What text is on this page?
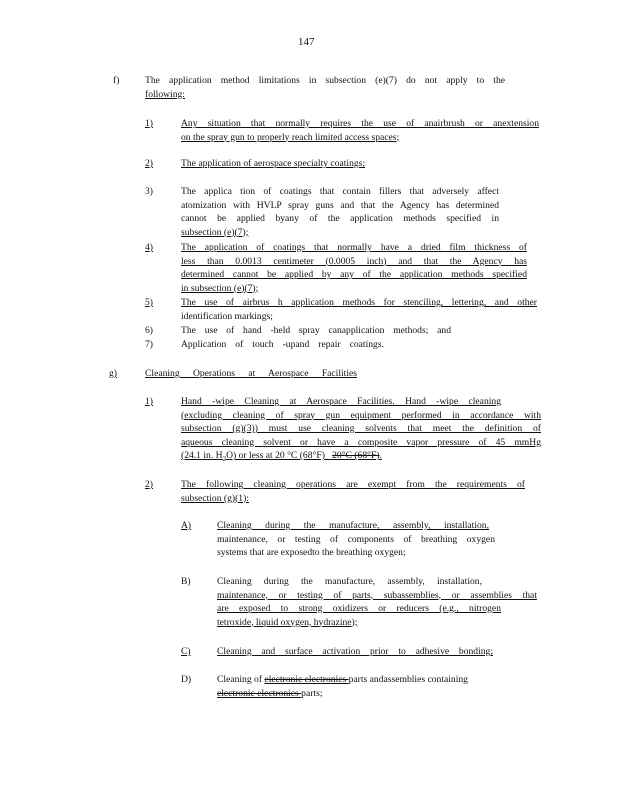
147
f)	The application method limitations in subsection (e)(7) do not apply to the
following:
1)	Any situation that normally requires the use of anairbrush or anextension
on the spray gun to properly reach limited access spaces;
2)	The application of aerospace specialty coatings;
3)	The applica tion of coatings that contain fillers that adversely affect
atomization with HVLP spray guns and that the Agency has determined
cannot be applied byany of the application methods specified in
subsection (e)(7);
4)	The application of coatings that normally have a dried film thickness of
less than 0.0013 centimeter (0.0005 inch) and that the Agency has
determined cannot be applied by any of the application methods specified
in subsection (e)(7);
5)	The use of airbrus h application methods for stenciling, lettering, and other
identification markings;
6)	The use of hand -held spray canapplication methods; and
7)	Application of touch -upand repair coatings.
g)	Cleaning Operations at Aerospace Facilities
1)	Hand -wipe Cleaning at Aerospace Facilities. Hand -wipe cleaning
(excluding cleaning of spray gun equipment performed in accordance with
subsection (g)(3)) must use cleaning solvents that meet the definition of
aqueous cleaning solvent or have a composite vapor pressure of 45 mmHg
(24.1 in. $H_2O$) or less at 20 °C (68°F) 20°C (68°F).
2)	The following cleaning operations are exempt from the requirements of
subsection (g)(1):
A)	Cleaning during the manufacture, assembly, installation,
maintenance, or testing of components of breathing oxygen
systems that are exposedto the breathing oxygen;
B)	Cleaning during the manufacture, assembly, installation,
maintenance, or testing of parts, subassemblies, or assemblies that
are exposed to strong oxidizers or reducers (e.g., nitrogen
tetroxide, liquid oxygen, hydrazine);
C)	Cleaning and surface activation prior to adhesive bonding;
D)	Cleaning of electronic electronics parts andassemblies containing
electronic electronics parts;
